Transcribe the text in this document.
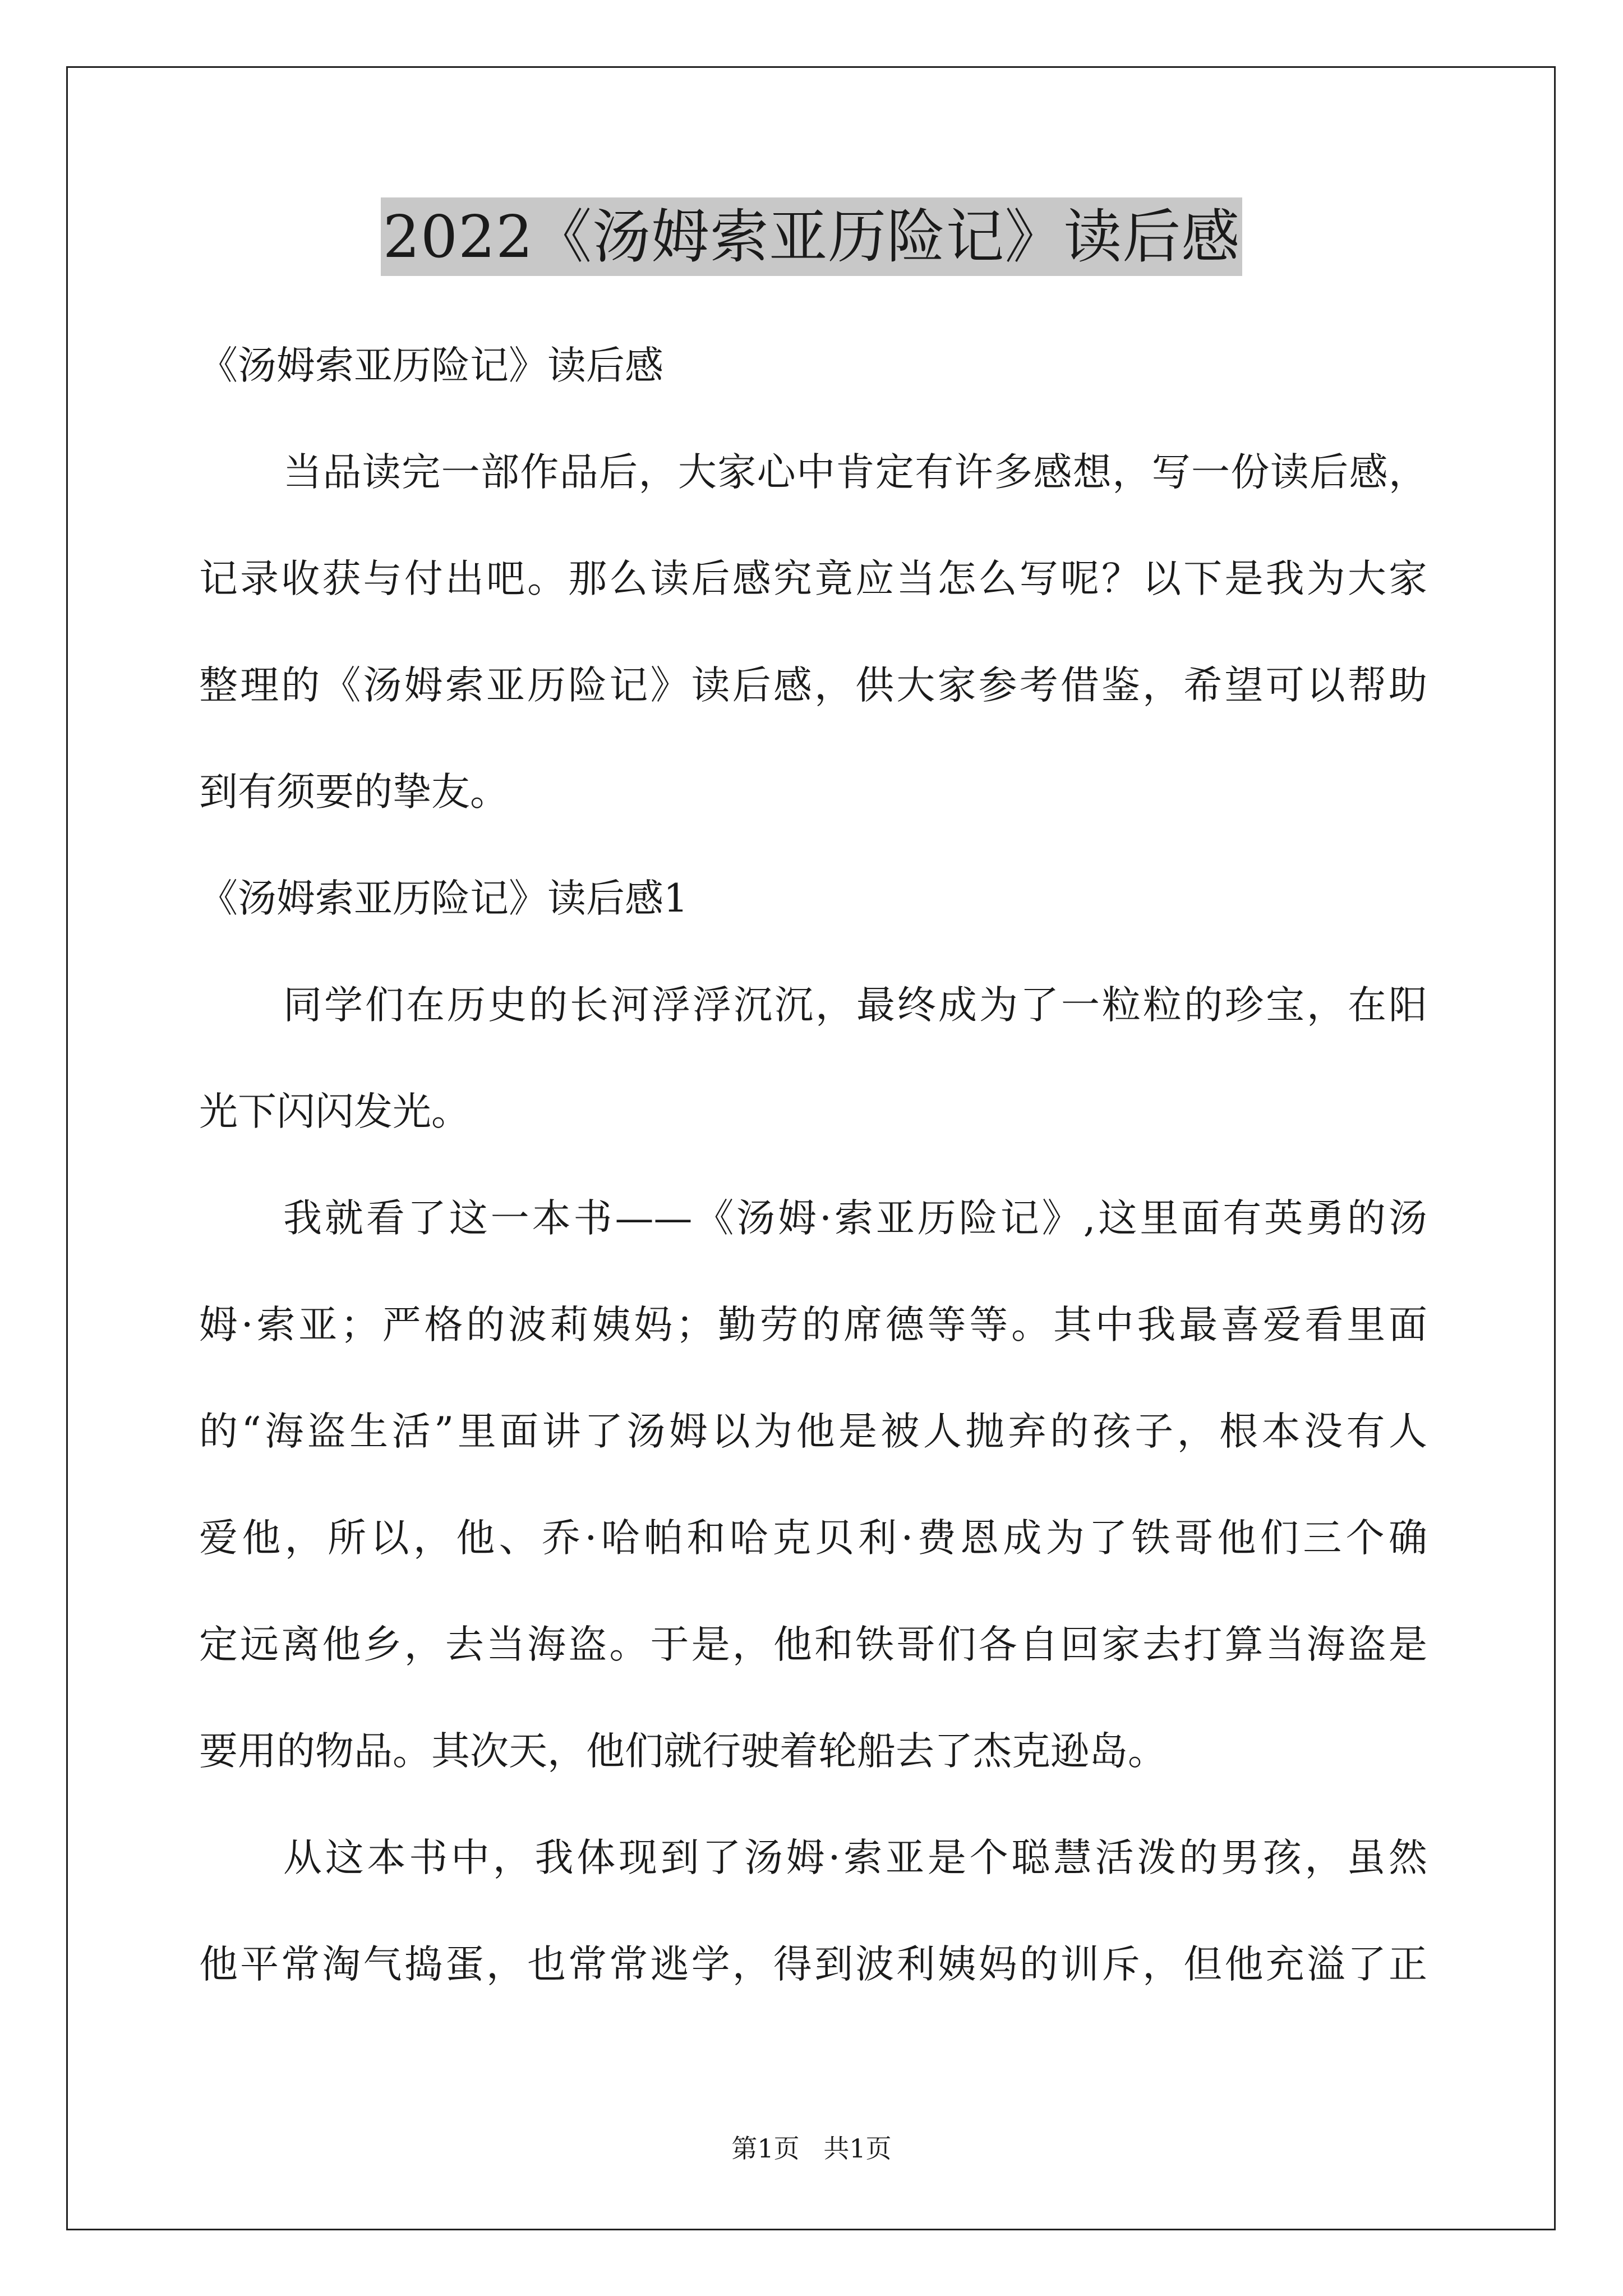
2022《汤姆索亚历险记》读后感
《汤姆索亚历险记》读后感
当品读完一部作品后，大家心中肯定有许多感想，写一份读后感，
记录收获与付出吧。那么读后感究竟应当怎么写呢？以下是我为大家
整理的《汤姆索亚历险记》读后感，供大家参考借鉴，希望可以帮助
到有须要的挚友。
《汤姆索亚历险记》读后感1
同学们在历史的长河浮浮沉沉，最终成为了一粒粒的珍宝，在阳
光下闪闪发光。
我就看了这一本书——《汤姆·索亚历险记》,这里面有英勇的汤
姆·索亚；严格的波莉姨妈；勤劳的席德等等。其中我最喜爱看里面
的“海盗生活”里面讲了汤姆以为他是被人抛弃的孩子，根本没有人
爱他，所以，他、乔·哈帕和哈克贝利·费恩成为了铁哥他们三个确
定远离他乡，去当海盗。于是，他和铁哥们各自回家去打算当海盗是
要用的物品。其次天，他们就行驶着轮船去了杰克逊岛。
从这本书中，我体现到了汤姆·索亚是个聪慧活泼的男孩，虽然
他平常淘气捣蛋，也常常逃学，得到波利姨妈的训斥，但他充溢了正
第1页 共1页
